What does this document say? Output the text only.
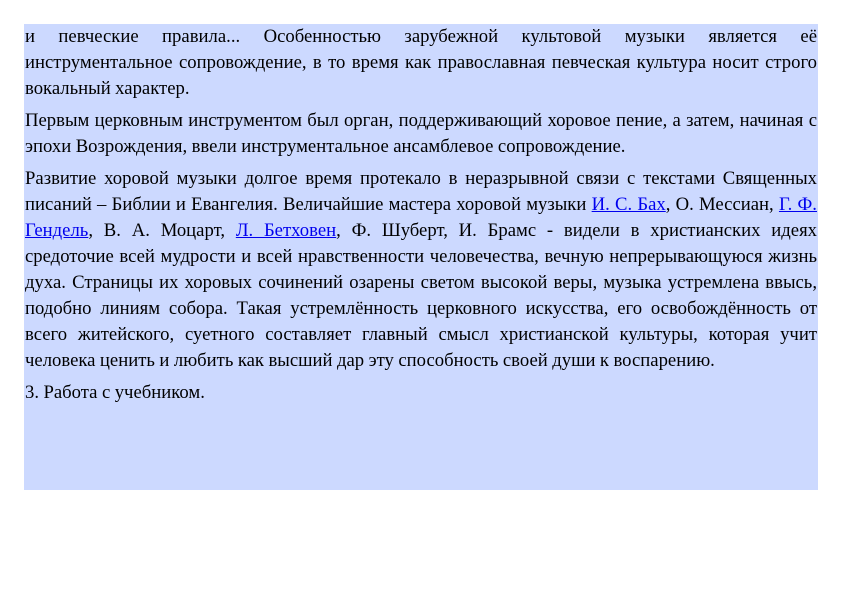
и певческие правила... Особенностью зарубежной культовой музыки является её инструментальное сопровождение, в то время как православная певческая культура носит строго вокальный характер.

Первым церковным инструментом был орган, поддерживающий хоровое пение, а затем, начиная с эпохи Возрождения, ввели инструментальное ансамблевое сопровождение.

Развитие хоровой музыки долгое время протекало в неразрывной связи с текстами Священных писаний – Библии и Евангелия. Величайшие мастера хоровой музыки И. С. Бах, О. Мессиан, Г. Ф. Гендель, В. А. Моцарт, Л. Бетховен, Ф. Шуберт, И. Брамс - видели в христианских идеях средоточие всей мудрости и всей нравственности человечества, вечную непрерывающуюся жизнь духа. Страницы их хоровых сочинений озарены светом высокой веры, музыка устремлена ввысь, подобно линиям собора. Такая устремлённость церковного искусства, его освобождённость от всего житейского, суетного составляет главный смысл христианской культуры, которая учит человека ценить и любить как высший дар эту способность своей души к воспарению.

3. Работа с учебником.
